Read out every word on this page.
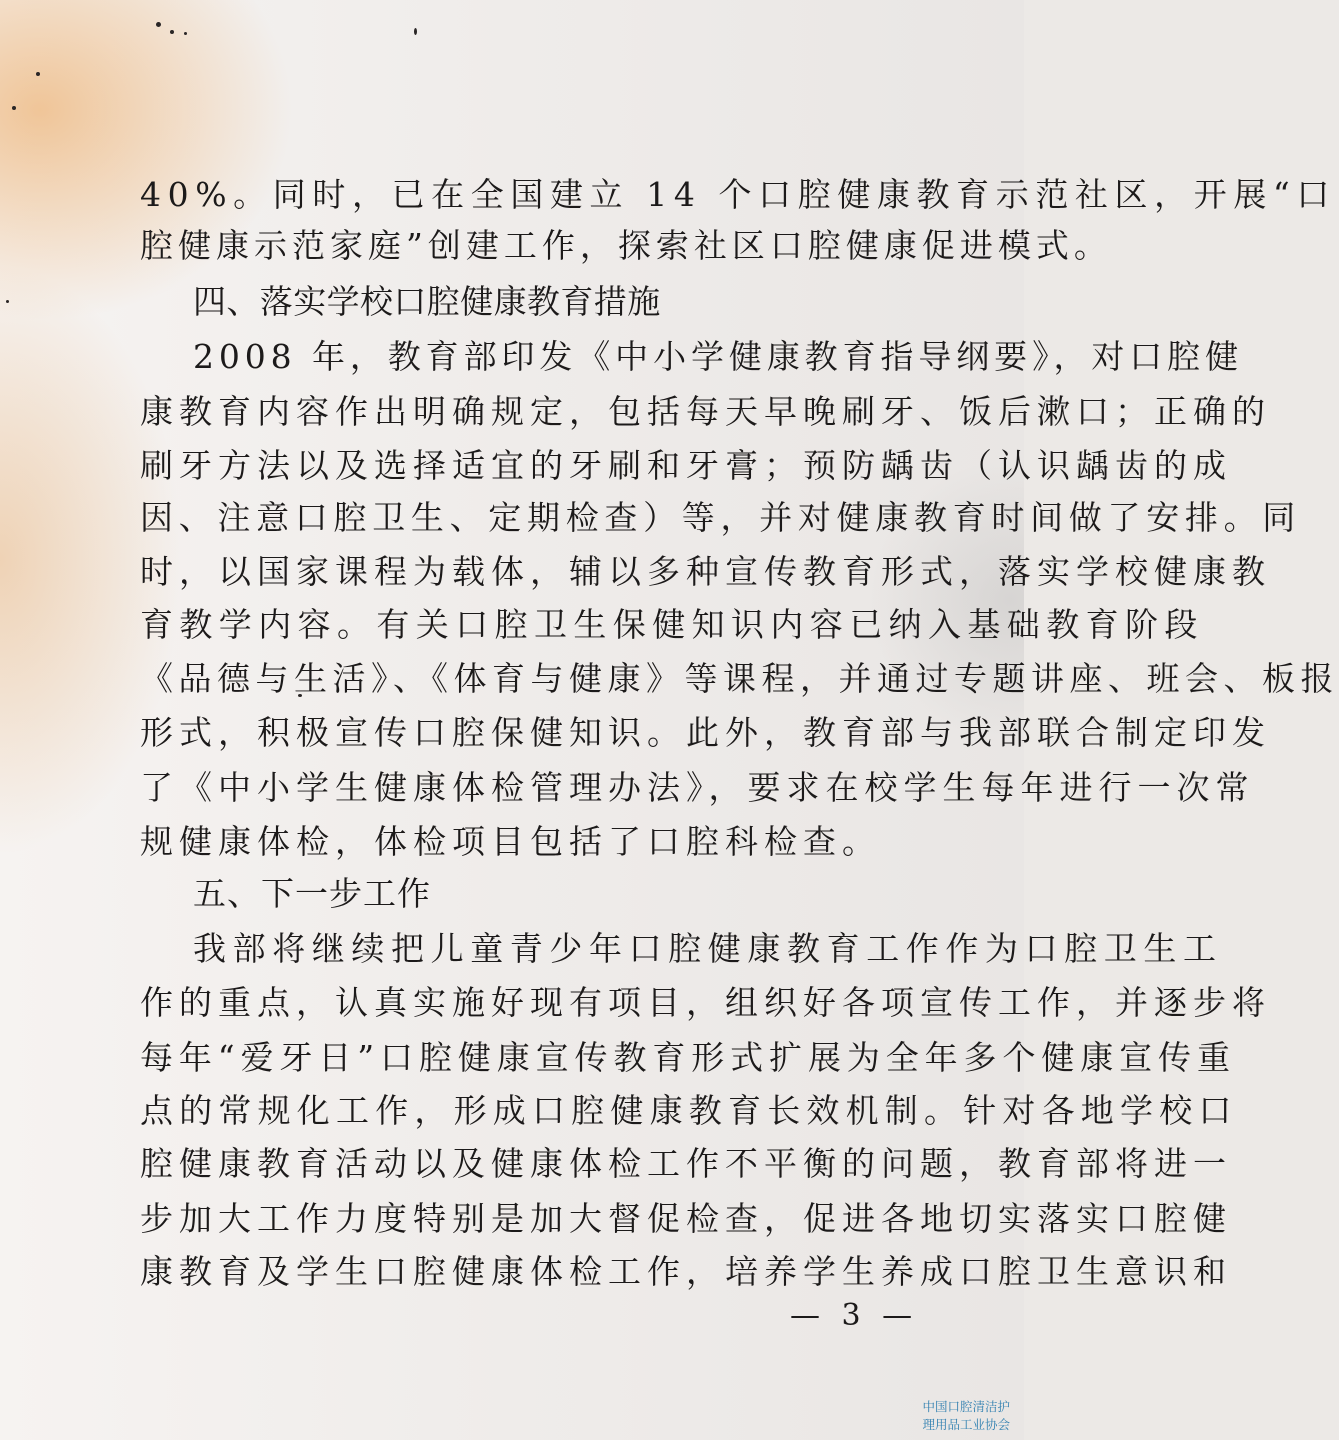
40%。同时，已在全国建立 14 个口腔健康教育示范社区，开展“口
腔健康示范家庭”创建工作，探索社区口腔健康促进模式。
四、落实学校口腔健康教育措施
2008 年，教育部印发《中小学健康教育指导纲要》，对口腔健
康教育内容作出明确规定，包括每天早晚刷牙、饭后漱口；正确的
刷牙方法以及选择适宜的牙刷和牙膏；预防龋齿（认识龋齿的成
因、注意口腔卫生、定期检查）等，并对健康教育时间做了安排。同
时，以国家课程为载体，辅以多种宣传教育形式，落实学校健康教
育教学内容。有关口腔卫生保健知识内容已纳入基础教育阶段
《品德与生活》、《体育与健康》等课程，并通过专题讲座、班会、板报
形式，积极宣传口腔保健知识。此外，教育部与我部联合制定印发
了《中小学生健康体检管理办法》，要求在校学生每年进行一次常
规健康体检，体检项目包括了口腔科检查。
五、下一步工作
我部将继续把儿童青少年口腔健康教育工作作为口腔卫生工
作的重点，认真实施好现有项目，组织好各项宣传工作，并逐步将
每年“爱牙日”口腔健康宣传教育形式扩展为全年多个健康宣传重
点的常规化工作，形成口腔健康教育长效机制。针对各地学校口
腔健康教育活动以及健康体检工作不平衡的问题，教育部将进一
步加大工作力度特别是加大督促检查，促进各地切实落实口腔健
康教育及学生口腔健康体检工作，培养学生养成口腔卫生意识和
— 3 —
中国口腔清洁护
理用品工业协会
